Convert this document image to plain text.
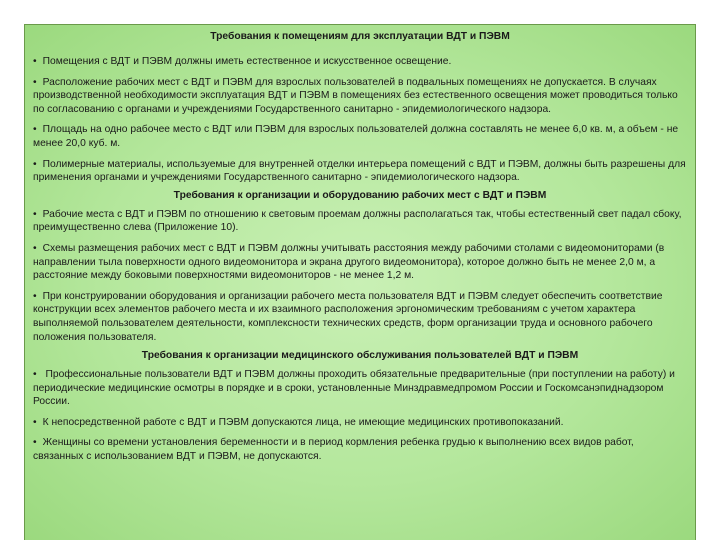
Требования к помещениям для эксплуатации ВДТ и ПЭВМ

• Помещения с ВДТ и ПЭВМ должны иметь естественное и искусственное освещение.

• Расположение рабочих мест с ВДТ и ПЭВМ для взрослых пользователей в подвальных помещениях не допускается. В случаях производственной необходимости эксплуатация ВДТ и ПЭВМ в помещениях без естественного освещения может проводиться только по согласованию с органами и учреждениями Государственного санитарно - эпидемиологического надзора.

• Площадь на одно рабочее место с ВДТ или ПЭВМ для взрослых пользователей должна составлять не менее 6,0 кв. м, а объем - не менее 20,0 куб. м.

• Полимерные материалы, используемые для внутренней отделки интерьера помещений с ВДТ и ПЭВМ, должны быть разрешены для применения органами и учреждениями Государственного санитарно - эпидемиологического надзора.

Требования к организации и оборудованию рабочих мест с ВДТ и ПЭВМ

• Рабочие места с ВДТ и ПЭВМ по отношению к световым проемам должны располагаться так, чтобы естественный свет падал сбоку, преимущественно слева (Приложение 10).

• Схемы размещения рабочих мест с ВДТ и ПЭВМ должны учитывать расстояния между рабочими столами с видеомониторами (в направлении тыла поверхности одного видеомонитора и экрана другого видеомонитора), которое должно быть не менее 2,0 м, а расстояние между боковыми поверхностями видеомониторов - не менее 1,2 м.

• При конструировании оборудования и организации рабочего места пользователя ВДТ и ПЭВМ следует обеспечить соответствие конструкции всех элементов рабочего места и их взаимного расположения эргономическим требованиям с учетом характера выполняемой пользователем деятельности, комплексности технических средств, форм организации труда и основного рабочего положения пользователя.

Требования к организации медицинского обслуживания пользователей ВДТ и ПЭВМ

• Профессиональные пользователи ВДТ и ПЭВМ должны проходить обязательные предварительные (при поступлении на работу) и периодические медицинские осмотры в порядке и в сроки, установленные Минздравмедпромом России и Госкомсанэпиднадзором России.

• К непосредственной работе с ВДТ и ПЭВМ допускаются лица, не имеющие медицинских противопоказаний.

• Женщины со времени установления беременности и в период кормления ребенка грудью к выполнению всех видов работ, связанных с использованием ВДТ и ПЭВМ, не допускаются.
